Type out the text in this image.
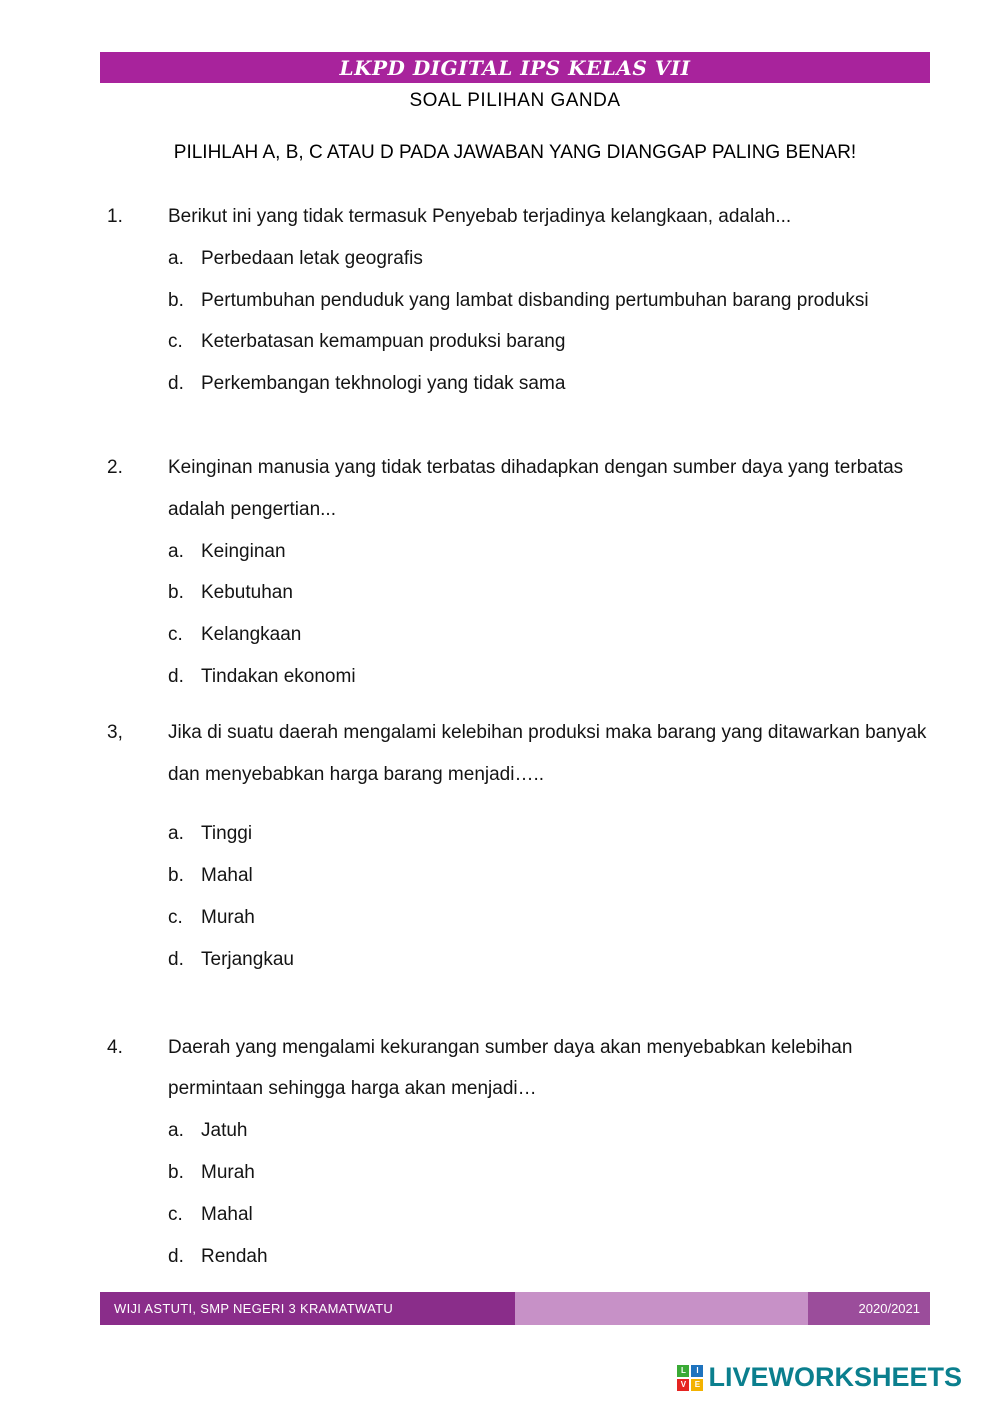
LKPD DIGITAL IPS KELAS VII
SOAL PILIHAN GANDA
PILIHLAH A, B, C ATAU D PADA JAWABAN YANG DIANGGAP PALING BENAR!
1.	Berikut ini yang tidak termasuk Penyebab terjadinya kelangkaan, adalah...
a. Perbedaan letak geografis
b. Pertumbuhan penduduk yang lambat disbanding pertumbuhan barang produksi
c. Keterbatasan kemampuan produksi barang
d. Perkembangan tekhnologi yang tidak sama
2.	Keinginan manusia yang tidak terbatas dihadapkan dengan sumber daya yang terbatas adalah pengertian...
a. Keinginan
b. Kebutuhan
c. Kelangkaan
d. Tindakan ekonomi
3,	Jika di suatu daerah mengalami kelebihan produksi maka barang yang ditawarkan banyak dan menyebabkan harga barang menjadi…..
a. Tinggi
b. Mahal
c. Murah
d. Terjangkau
4.	Daerah yang mengalami kekurangan sumber daya akan menyebabkan kelebihan permintaan sehingga harga akan menjadi…
a. Jatuh
b. Murah
c. Mahal
d. Rendah
WIJI ASTUTI, SMP NEGERI 3 KRAMATWATU	2020/2021
L	I
V	E LIVEWORKSHEETS
